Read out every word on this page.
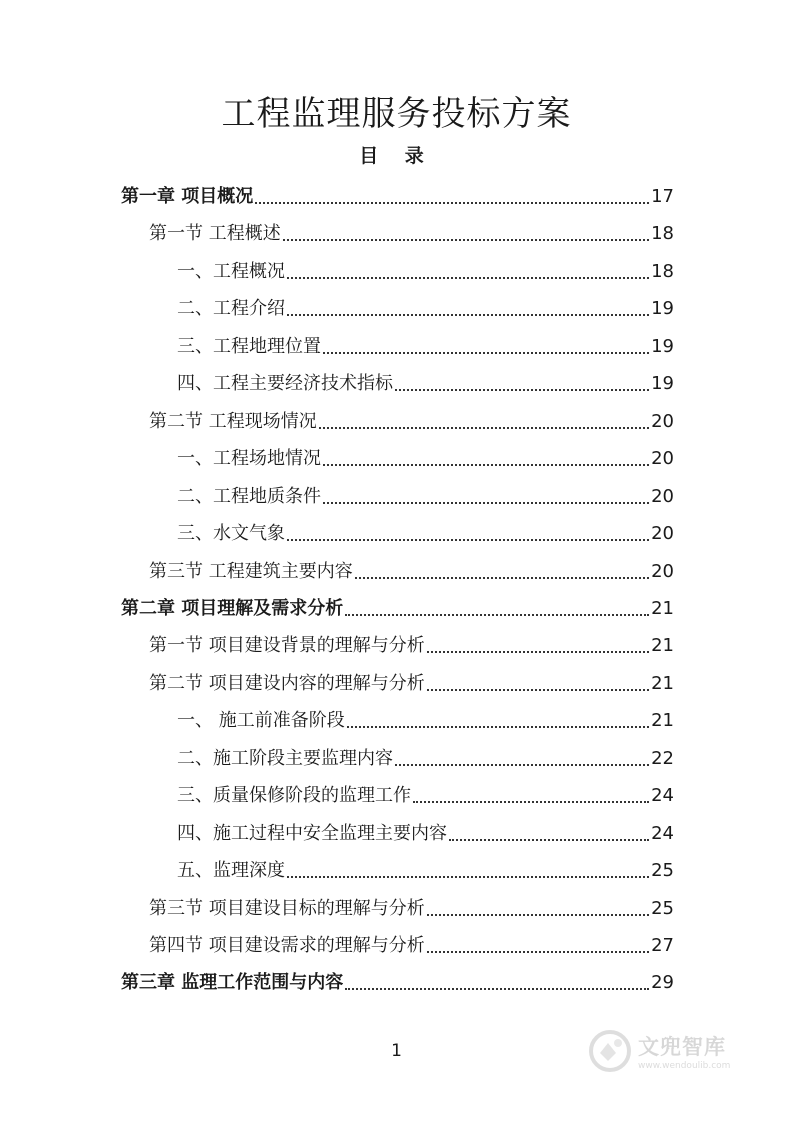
工程监理服务投标方案
目 录
第一章 项目概况	17
第一节 工程概述	18
一、工程概况	18
二、工程介绍	19
三、工程地理位置	19
四、工程主要经济技术指标	19
第二节 工程现场情况	20
一、工程场地情况	20
二、工程地质条件	20
三、水文气象	20
第三节 工程建筑主要内容	20
第二章 项目理解及需求分析	21
第一节 项目建设背景的理解与分析	21
第二节 项目建设内容的理解与分析	21
一、 施工前准备阶段	21
二、施工阶段主要监理内容	22
三、质量保修阶段的监理工作	24
四、施工过程中安全监理主要内容	24
五、监理深度	25
第三节 项目建设目标的理解与分析	25
第四节 项目建设需求的理解与分析	27
第三章 监理工作范围与内容	29
1	文兜智库
www.wendoulib.com
